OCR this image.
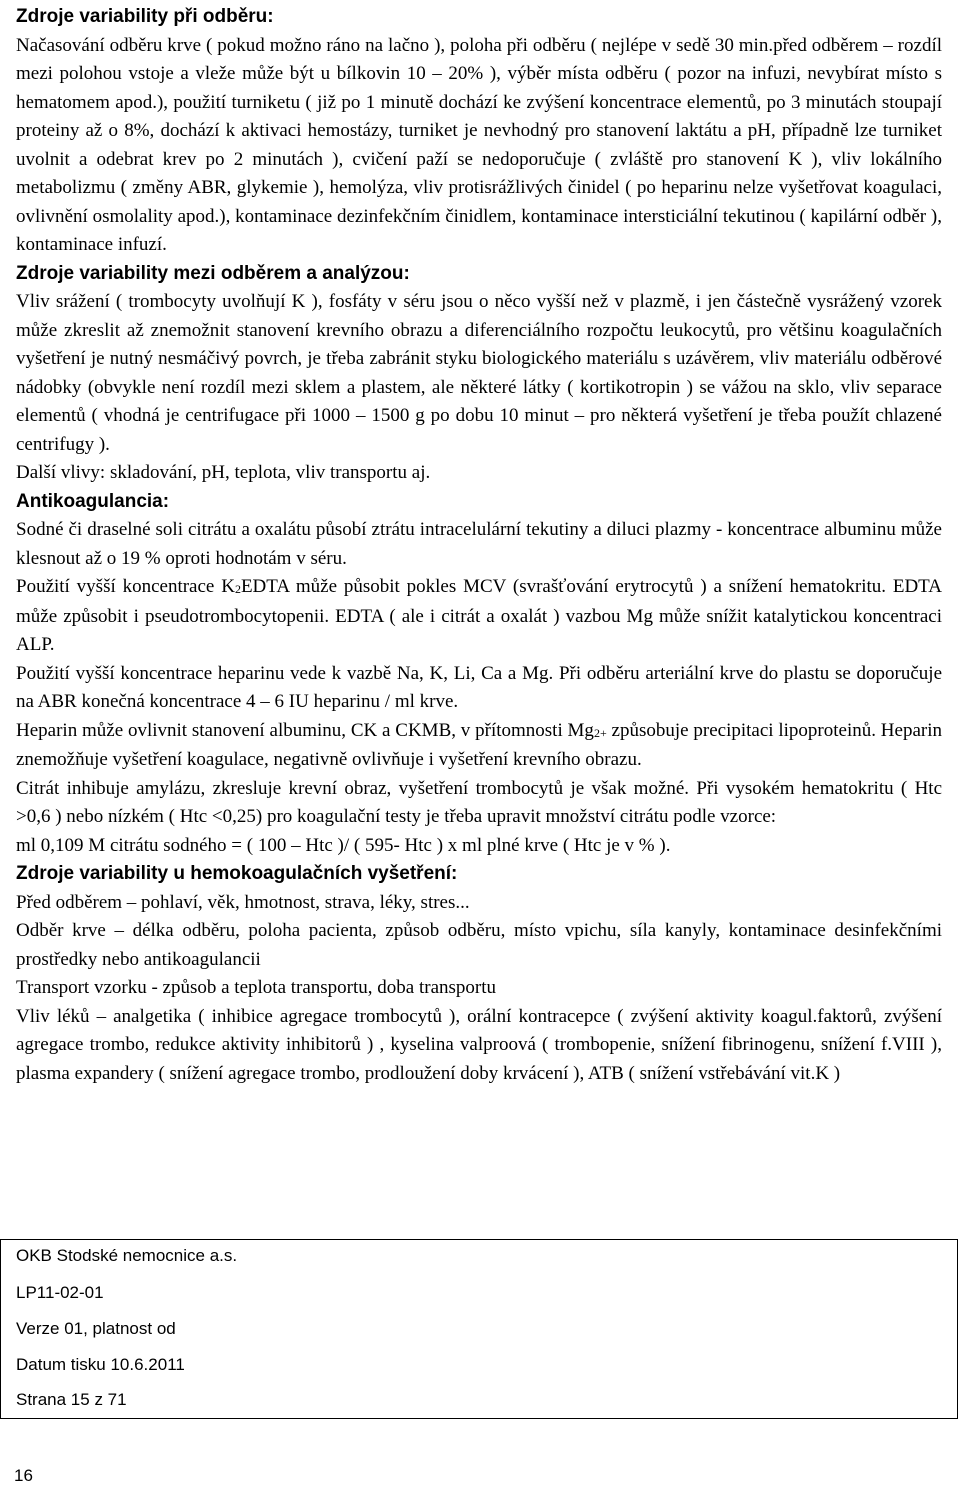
Zdroje variability při odběru:
Načasování odběru krve ( pokud možno ráno na lačno ), poloha při odběru ( nejlépe v sedě 30 min.před odběrem – rozdíl mezi polohou vstoje a vleže může být u bílkovin 10 – 20% ), výběr místa odběru ( pozor na infuzi, nevybírat místo s hematomem apod.), použití turniketu ( již po 1 minutě dochází ke zvýšení koncentrace elementů, po 3 minutách stoupají proteiny až o 8%, dochází k aktivaci hemostázy, turniket je nevhodný pro stanovení laktátu a pH, případně lze turniket uvolnit a odebrat krev po 2 minutách ), cvičení paží se nedoporučuje ( zvláště pro stanovení K ), vliv lokálního metabolizmu ( změny ABR, glykemie ), hemolýza, vliv protisrážlivých činidel ( po heparinu nelze vyšetřovat koagulaci, ovlivnění osmolality apod.), kontaminace dezinfekčním činidlem, kontaminace intersticiální tekutinou ( kapilární odběr ), kontaminace infuzí.
Zdroje variability mezi odběrem a analýzou:
Vliv srážení ( trombocyty uvolňují K ), fosfáty v séru jsou o něco vyšší než v plazmě, i jen částečně vysrážený vzorek může zkreslit až znemožnit stanovení krevního obrazu a diferenciálního rozpočtu leukocytů, pro většinu koagulačních vyšetření je nutný nesmáčivý povrch, je třeba zabránit styku biologického materiálu s uzávěrem, vliv materiálu odběrové nádobky (obvykle není rozdíl mezi sklem a plastem, ale některé látky ( kortikotropin ) se vážou na sklo, vliv separace elementů ( vhodná je centrifugace při 1000 – 1500 g po dobu 10 minut – pro některá vyšetření je třeba použít chlazené centrifugy ).
Další vlivy: skladování, pH, teplota, vliv transportu aj.
Antikoagulancia:
Sodné či draselné soli citrátu a oxalátu působí ztrátu intracelulární tekutiny a diluci plazmy - koncentrace albuminu může klesnout až o 19 % oproti hodnotám v séru.
Použití vyšší koncentrace $K_2EDTA$ může působit pokles MCV (svrašťování erytrocytů ) a snížení hematokritu. EDTA může způsobit i pseudotrombocytopenii. EDTA ( ale i citrát a oxalát ) vazbou Mg může snížit katalytickou koncentraci ALP.
Použití vyšší koncentrace heparinu vede k vazbě Na, K, Li, Ca a Mg. Při odběru arteriální krve do plastu se doporučuje na ABR konečná koncentrace 4 – 6 IU heparinu / ml krve.
Heparin může ovlivnit stanovení albuminu, CK a CKMB, v přítomnosti $Mg^{2+}$ způsobuje precipitaci lipoproteinů. Heparin znemožňuje vyšetření koagulace, negativně ovlivňuje i vyšetření krevního obrazu.
Citrát inhibuje amylázu, zkresluje krevní obraz, vyšetření trombocytů je však možné. Při vysokém hematokritu ( Htc >0,6 ) nebo nízkém ( Htc <0,25) pro koagulační testy je třeba upravit množství citrátu podle vzorce:
ml 0,109 M citrátu sodného = ( 100 – Htc )/ ( 595- Htc ) x ml plné krve ( Htc je v % ).
Zdroje variability u hemokoagulačních vyšetření:
Před odběrem – pohlaví, věk, hmotnost, strava, léky, stres...
Odběr krve – délka odběru, poloha pacienta, způsob odběru, místo vpichu, síla kanyly, kontaminace desinfekčními prostředky nebo antikoagulancii
Transport vzorku - způsob a teplota transportu, doba transportu
Vliv léků – analgetika ( inhibice agregace trombocytů ), orální kontracepce ( zvýšení aktivity koagul.faktorů, zvýšení agregace trombo, redukce aktivity inhibitorů ) , kyselina valproová ( trombopenie, snížení fibrinogenu, snížení f.VIII ), plasma expandery ( snížení agregace trombo, prodloužení doby krvácení ), ATB ( snížení vstřebávání vit.K )
OKB Stodské nemocnice a.s.
LP11-02-01
Verze 01, platnost od
Datum tisku 10.6.2011
Strana 15 z 71
16
